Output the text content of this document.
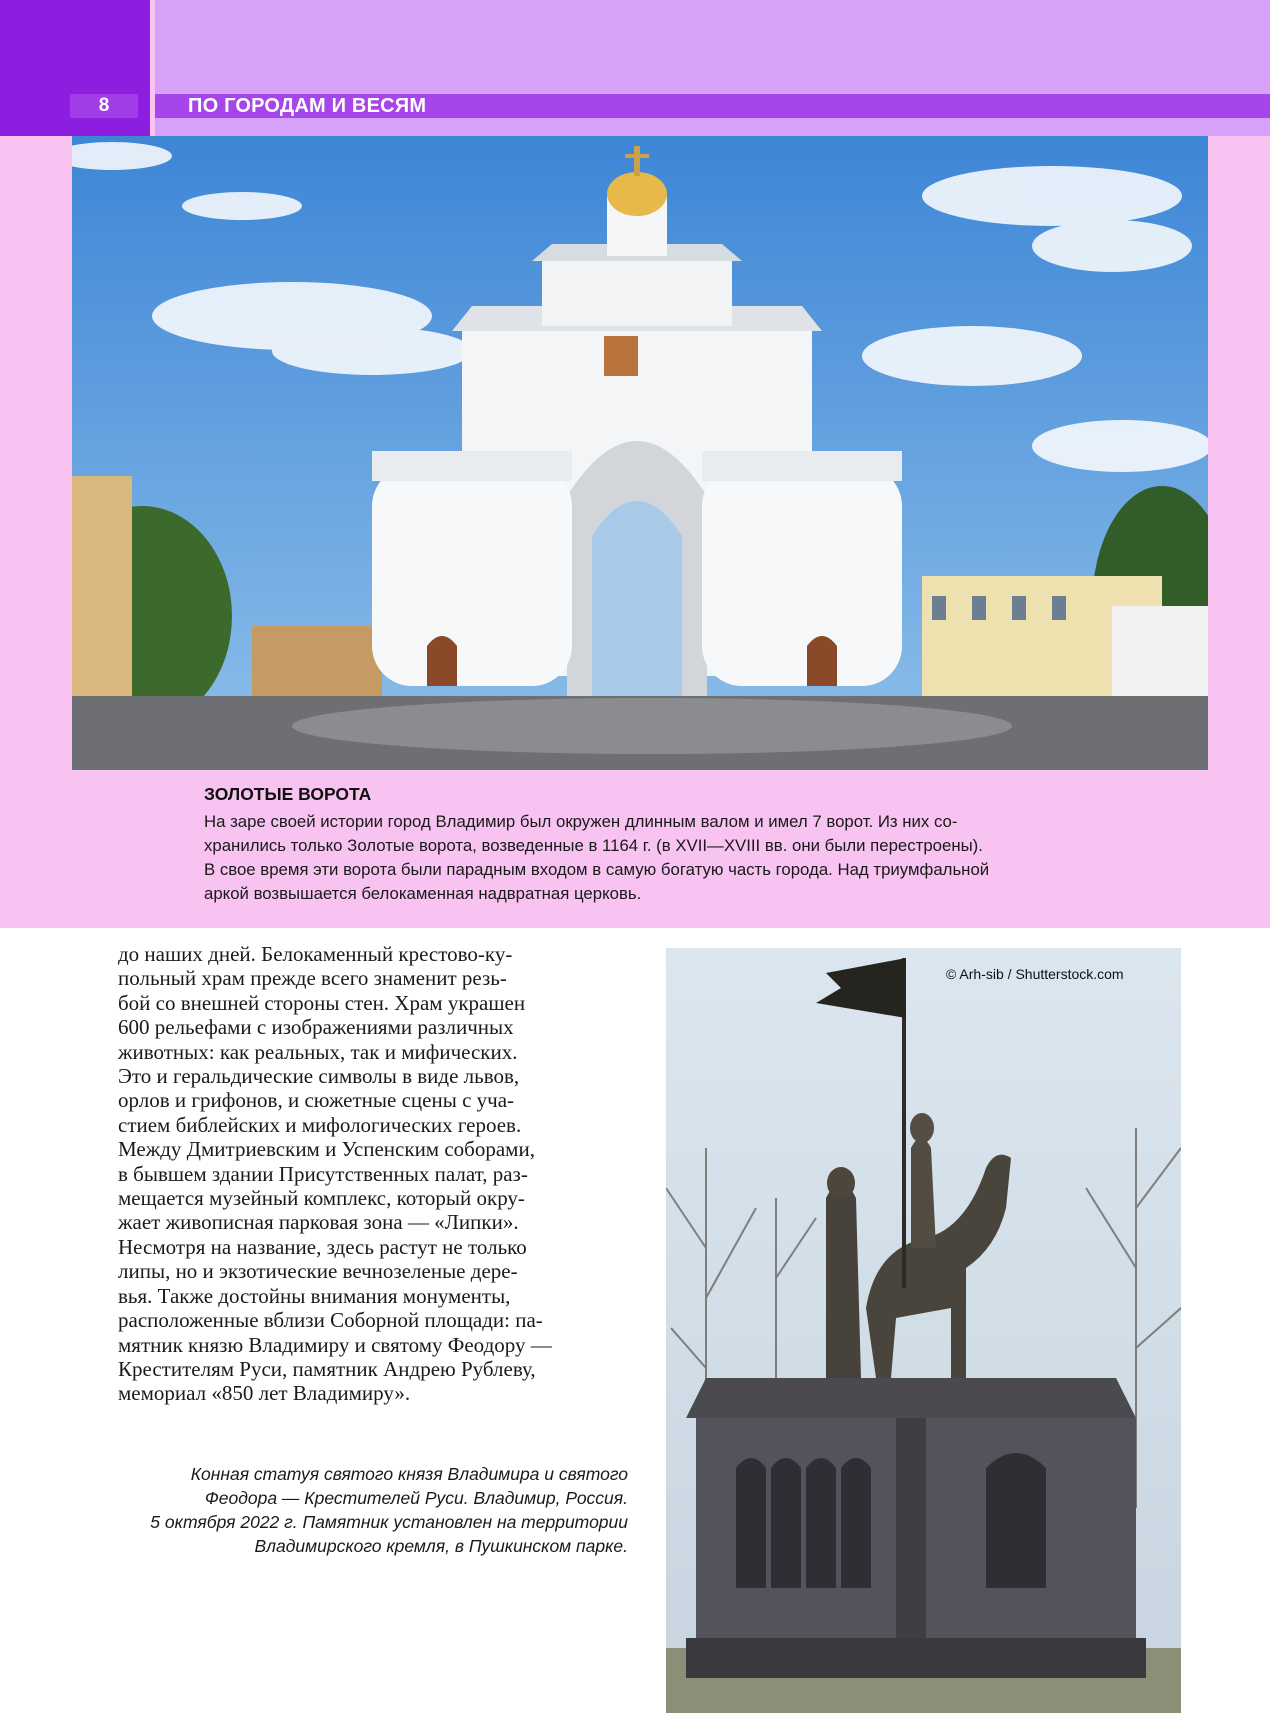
8	ПО ГОРОДАМ И ВЕСЯМ
ЗОЛОТЫЕ ВОРОТА

На заре своей истории город Владимир был окружен длинным валом и имел 7 ворот. Из них со-

хранились только Золотые ворота, возведенные в 1164 г. (в XVII—XVIII вв. они были перестроены).

В свое время эти ворота были парадным входом в самую богатую часть города. Над триумфальной

аркой возвышается белокаменная надвратная церковь.

до наших дней. Белокаменный крестово-ку-

польный храм прежде всего знаменит резь-

бой со внешней стороны стен. Храм украшен

600 рельефами с изображениями различных

животных: как реальных, так и мифических.

Это и геральдические символы в виде львов,

орлов и грифонов, и сюжетные сцены с уча-

стием библейских и мифологических героев.

Между Дмитриевским и Успенским соборами,

в бывшем здании Присутственных палат, раз-

мещается музейный комплекс, который окру-

жает живописная парковая зона — «Липки».

Несмотря на название, здесь растут не только

липы, но и экзотические вечнозеленые дере-

вья. Также достойны внимания монументы,

расположенные вблизи Соборной площади: па-

мятник князю Владимиру и святому Феодору —

Крестителям Руси, памятник Андрею Рублеву,

мемориал «850 лет Владимиру».

© Arh-sib / Shutterstock.com

Конная статуя святого князя Владимира и святого

Феодора — Крестителей Руси. Владимир, Россия.

5 октября 2022 г. Памятник установлен на территории

Владимирского кремля, в Пушкинском парке.
